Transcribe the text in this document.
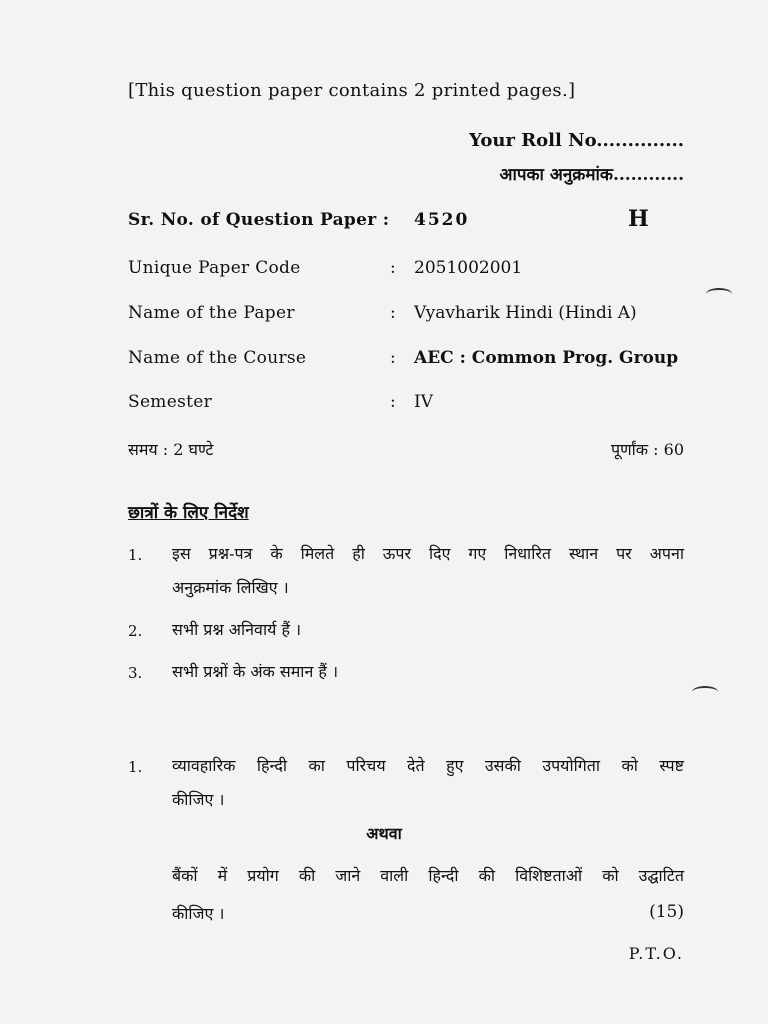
[This question paper contains 2 printed pages.]
Your Roll No..............
आपका अनुक्रमांक............
Sr. No. of Question Paper : 4520	H
Unique Paper Code	: 2051002001
Name of the Paper	: Vyavharik Hindi (Hindi A)
Name of the Course	: AEC : Common Prog. Group
Semester	: IV
समय : 2 घण्टे	पूर्णांक : 60
छात्रों के लिए निर्देश
1. इस प्रश्न-पत्र के मिलते ही ऊपर दिए गए निधारित स्थान पर अपना
अनुक्रमांक लिखिए ।
2. सभी प्रश्न अनिवार्य हैं ।
3. सभी प्रश्नों के अंक समान हैं ।
1. व्यावहारिक हिन्दी का परिचय देते हुए उसकी उपयोगिता को स्पष्ट
कीजिए ।
अथवा
बैंकों में प्रयोग की जाने वाली हिन्दी की विशिष्टताओं को उद्घाटित
कीजिए ।	(15)
P.T.O.
